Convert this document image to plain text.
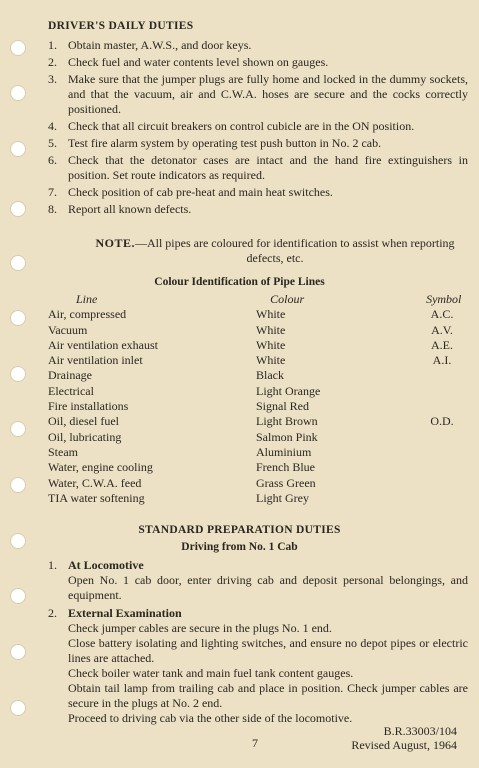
DRIVER'S DAILY DUTIES
1. Obtain master, A.W.S., and door keys.
2. Check fuel and water contents level shown on gauges.
3. Make sure that the jumper plugs are fully home and locked in the dummy sockets, and that the vacuum, air and C.W.A. hoses are secure and the cocks correctly positioned.
4. Check that all circuit breakers on control cubicle are in the ON position.
5. Test fire alarm system by operating test push button in No. 2 cab.
6. Check that the detonator cases are intact and the hand fire extinguishers in position. Set route indicators as required.
7. Check position of cab pre-heat and main heat switches.
8. Report all known defects.
NOTE.—All pipes are coloured for identification to assist when reporting defects, etc.
Colour Identification of Pipe Lines
Line	Colour	Symbol
Air, compressed	White	A.C.
Vacuum	White	A.V.
Air ventilation exhaust	White	A.E.
Air ventilation inlet	White	A.I.
Drainage	Black
Electrical	Light Orange
Fire installations	Signal Red
Oil, diesel fuel	Light Brown	O.D.
Oil, lubricating	Salmon Pink
Steam	Aluminium
Water, engine cooling	French Blue
Water, C.W.A. feed	Grass Green
TIA water softening	Light Grey
STANDARD PREPARATION DUTIES
Driving from No. 1 Cab
1. At Locomotive

Open No. 1 cab door, enter driving cab and deposit personal belongings, and equipment.

2. External Examination

Check jumper cables are secure in the plugs No. 1 end.

Close battery isolating and lighting switches, and ensure no depot pipes or electric lines are attached.

Check boiler water tank and main fuel tank content gauges.

Obtain tail lamp from trailing cab and place in position. Check jumper cables are secure in the plugs at No. 2 end.

Proceed to driving cab via the other side of the locomotive.

B.R.33003/104
Revised August, 1964
7
